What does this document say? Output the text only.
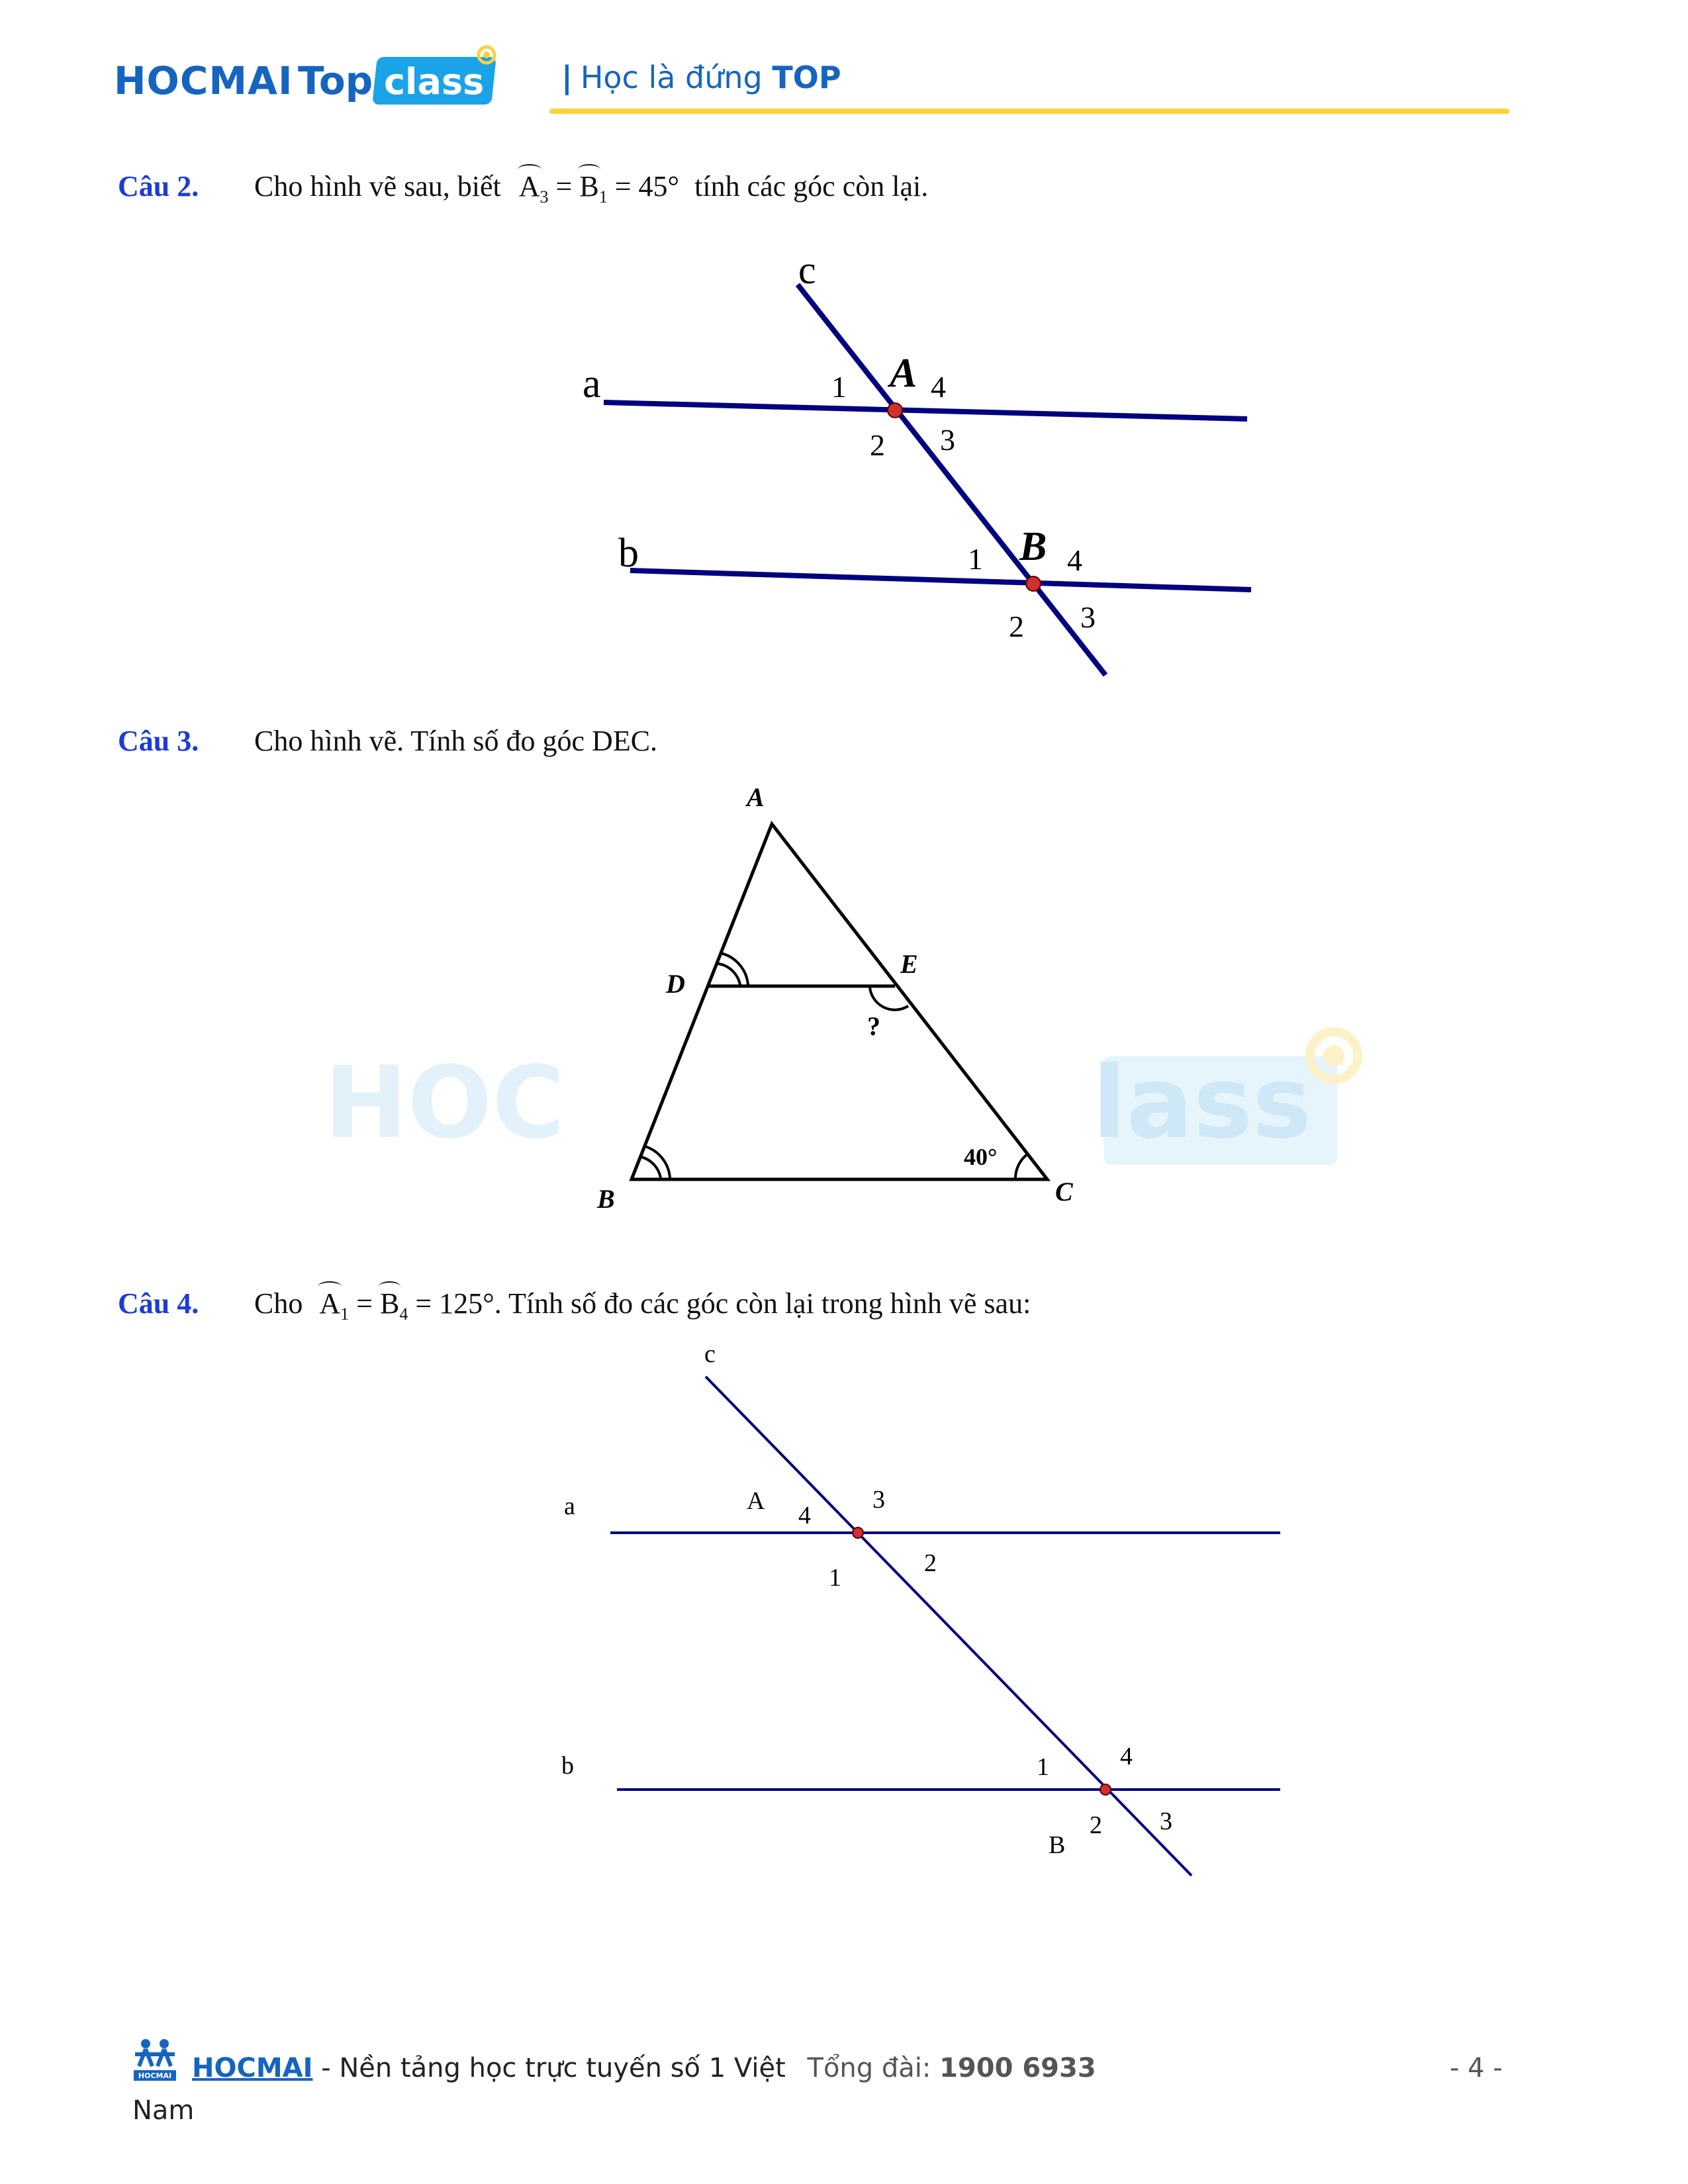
HOCMAI Top class	| Học là đứng TOP
HOC	lass
Câu 2. Cho hình vẽ sau, biết $A_3 = B_1 = 45^\circ$ tính các góc còn lại.
c
a
b
A
B
1	4
2 3
1	4
2 3
Câu 3. Cho hình vẽ. Tính số đo góc DEC.
A
D
E
?
B	C
40°
Câu 4. Cho $A_1 = B_4 = 125^\circ$. Tính số đo các góc còn lại trong hình vẽ sau:
c
a
b
A
B
4
3
1
2
1	4
2 3
HOCMAI HOCMAI - Nền tảng học trực tuyến số 1 Việt Tổng đài: 1900 6933	- 4 -
Nam
